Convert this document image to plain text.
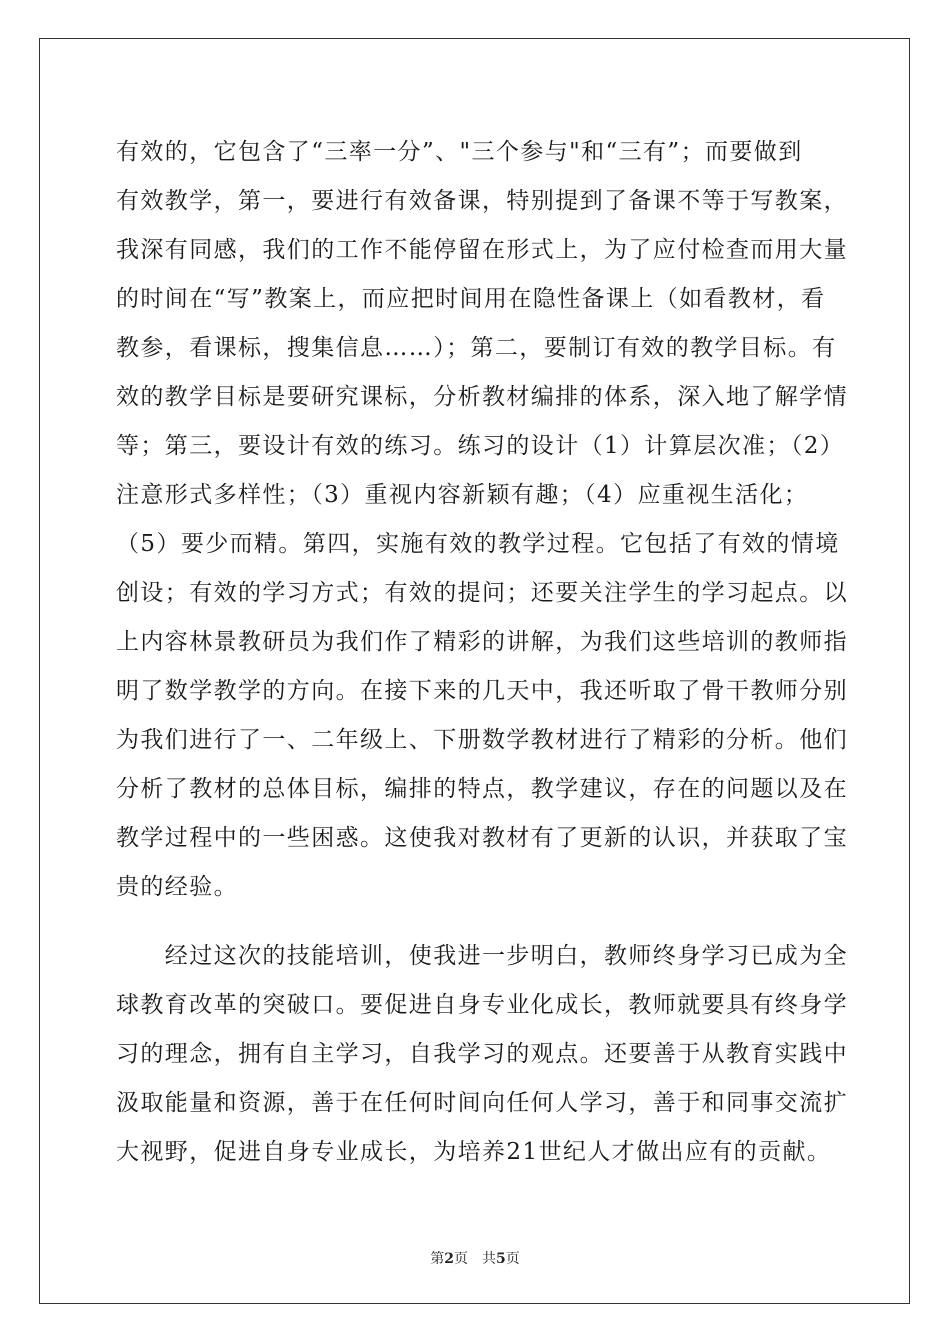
有效的，它包含了“三率一分”、"三个参与"和“三有”；而要做到
有效教学，第一，要进行有效备课，特别提到了备课不等于写教案，
我深有同感，我们的工作不能停留在形式上，为了应付检查而用大量
的时间在“写”教案上，而应把时间用在隐性备课上（如看教材，看
教参，看课标，搜集信息……）；第二，要制订有效的教学目标。有
效的教学目标是要研究课标，分析教材编排的体系，深入地了解学情
等；第三，要设计有效的练习。练习的设计（1）计算层次准；（2）
注意形式多样性；（3）重视内容新颖有趣；（4）应重视生活化；
（5）要少而精。第四，实施有效的教学过程。它包括了有效的情境
创设；有效的学习方式；有效的提问；还要关注学生的学习起点。以
上内容林景教研员为我们作了精彩的讲解，为我们这些培训的教师指
明了数学教学的方向。在接下来的几天中，我还听取了骨干教师分别
为我们进行了一、二年级上、下册数学教材进行了精彩的分析。他们
分析了教材的总体目标，编排的特点，教学建议，存在的问题以及在
教学过程中的一些困惑。这使我对教材有了更新的认识，并获取了宝
贵的经验。
　　经过这次的技能培训，使我进一步明白，教师终身学习已成为全
球教育改革的突破口。要促进自身专业化成长，教师就要具有终身学
习的理念，拥有自主学习，自我学习的观点。还要善于从教育实践中
汲取能量和资源，善于在任何时间向任何人学习，善于和同事交流扩
大视野，促进自身专业成长，为培养21世纪人才做出应有的贡献。
第2页 共5页
